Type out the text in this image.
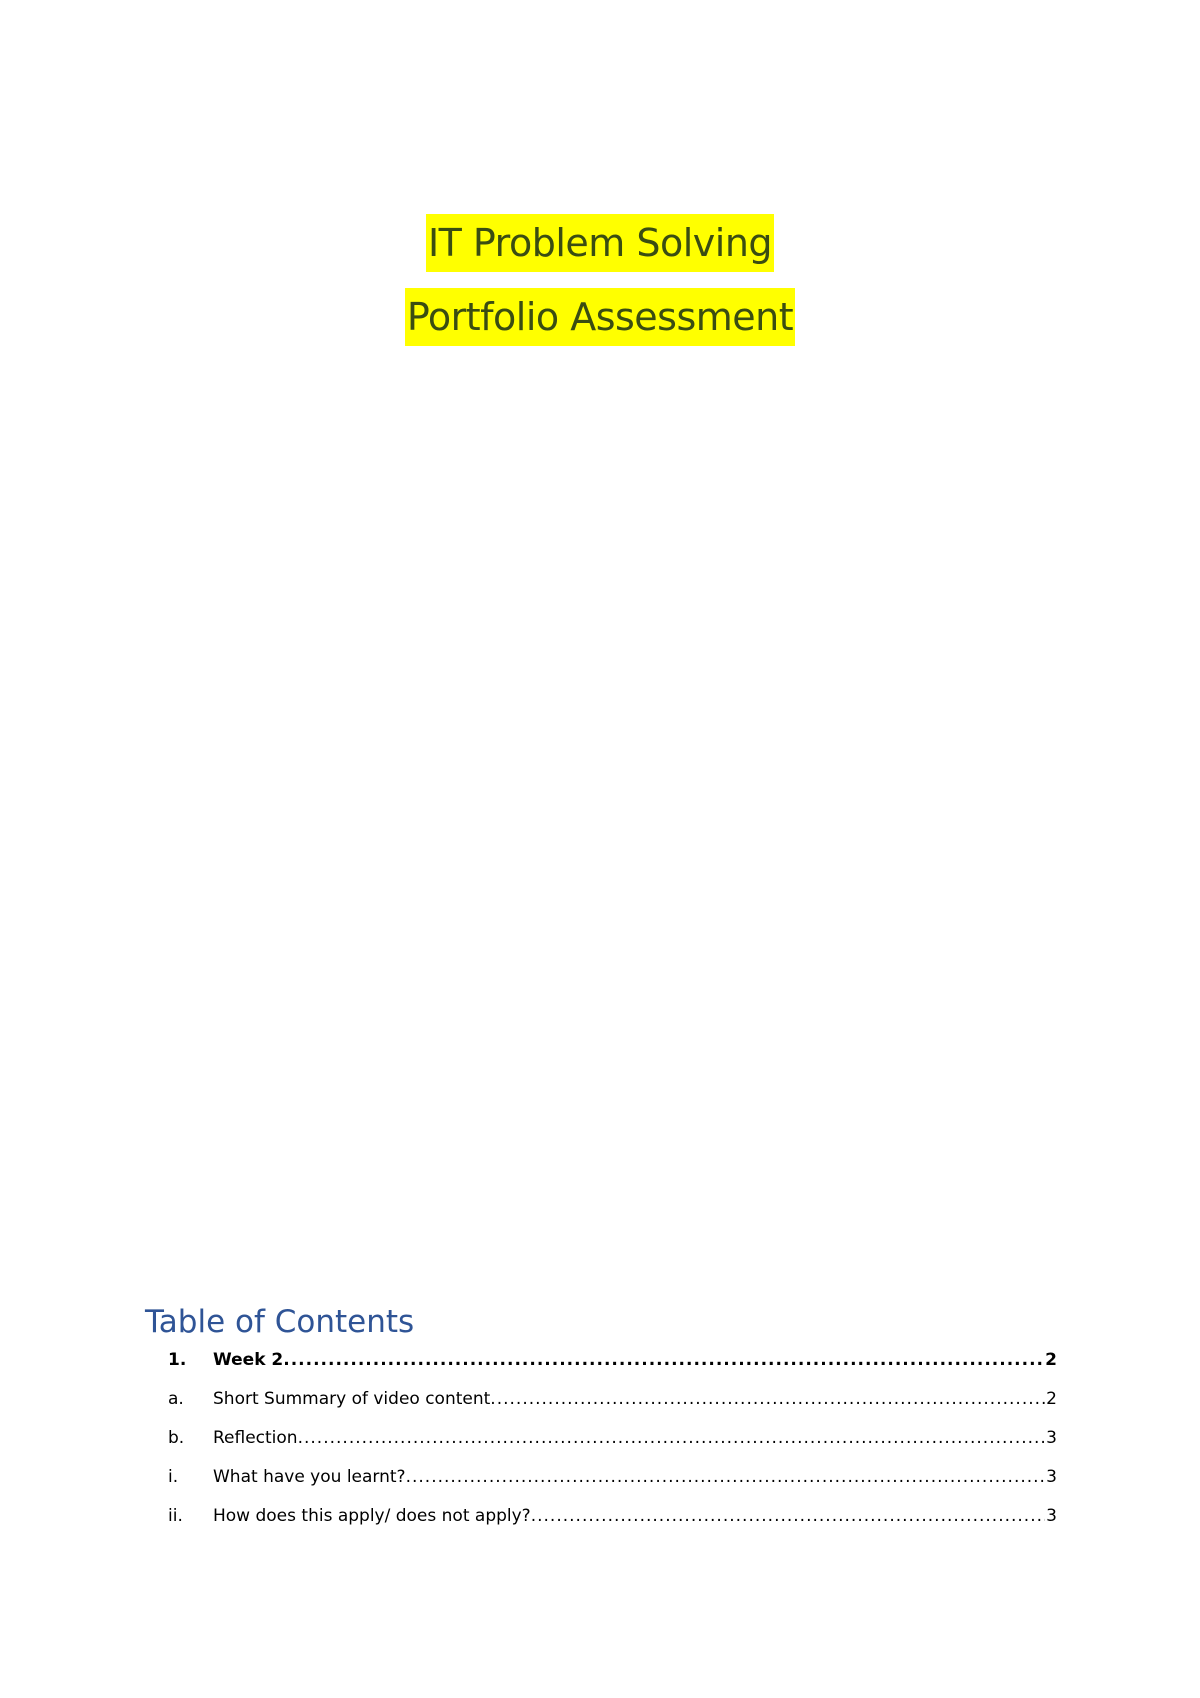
IT Problem Solving
Portfolio Assessment
Table of Contents
1.	Week 2 .....	2
a.	Short Summary of video content .....	2
b.	Reflection .....	3
i.	What have you learnt? .....	3
ii.	How does this apply/ does not apply? .....	3
